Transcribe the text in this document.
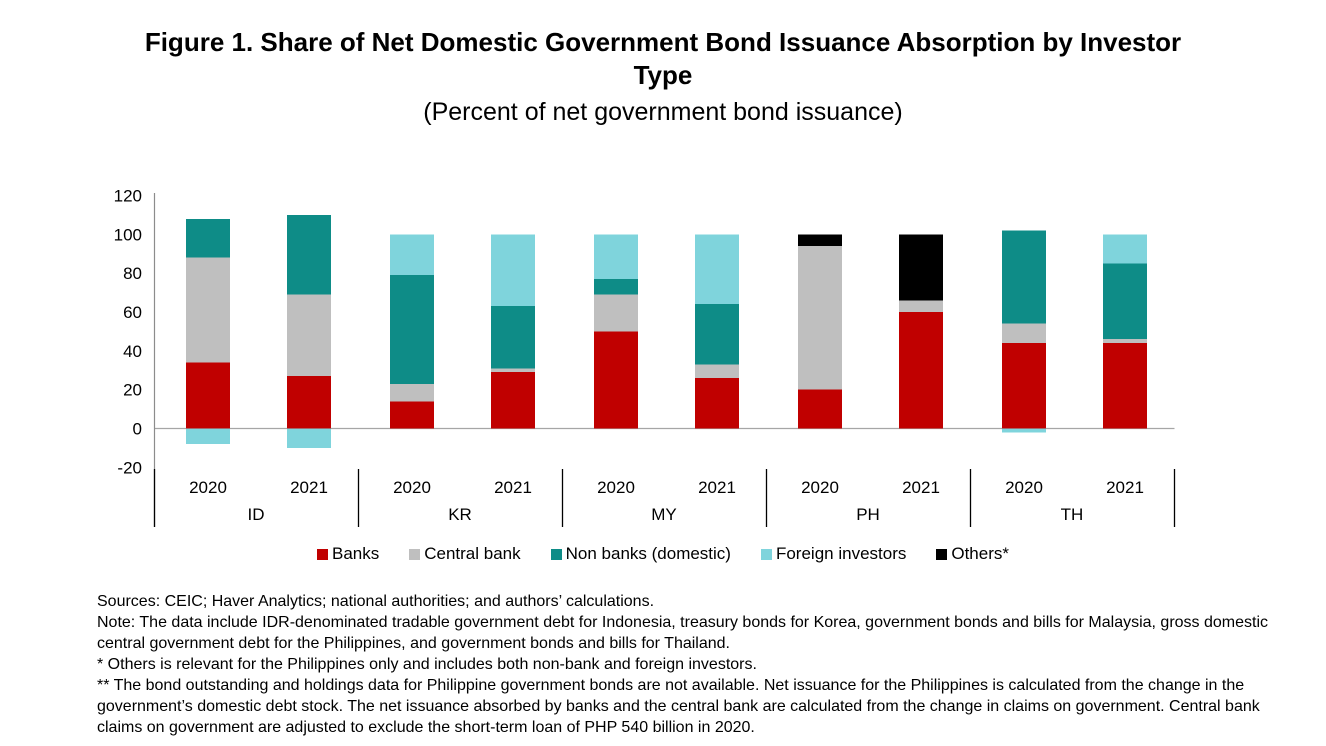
Figure 1. Share of Net Domestic Government Bond Issuance Absorption by Investor
Type
(Percent of net government bond issuance)
120
100
80
60
40
20
0
-20
2020	2021
ID
2020	2021
KR
2020	2021
MY
2020	2021
PH
2020	2021
TH
Banks	Central bank	Non banks (domestic)	Foreign investors	Others*
Sources: CEIC; Haver Analytics; national authorities; and authors’ calculations.
Note: The data include IDR-denominated tradable government debt for Indonesia, treasury bonds for Korea, government bonds and bills for Malaysia, gross domestic central government debt for the Philippines, and government bonds and bills for Thailand.
* Others is relevant for the Philippines only and includes both non-bank and foreign investors.
** The bond outstanding and holdings data for Philippine government bonds are not available. Net issuance for the Philippines is calculated from the change in the government’s domestic debt stock. The net issuance absorbed by banks and the central bank are calculated from the change in claims on government. Central bank claims on government are adjusted to exclude the short-term loan of PHP 540 billion in 2020.
